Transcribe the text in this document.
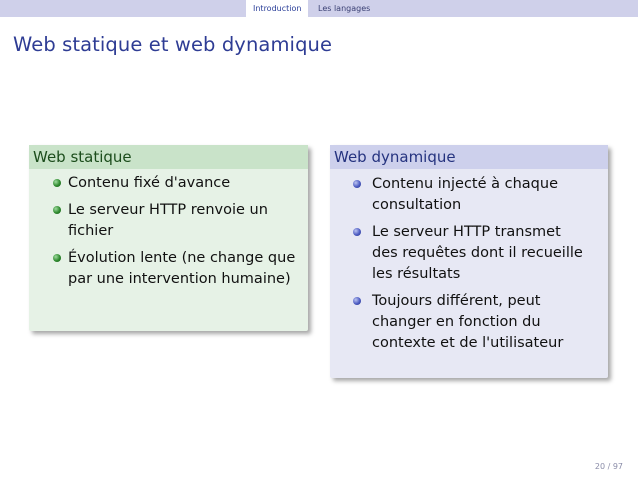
Introduction	Les langages
Web statique et web dynamique
Web statique
Contenu fixé d'avance
Le serveur HTTP renvoie un fichier
Évolution lente (ne change que par une intervention humaine)
Web dynamique
Contenu injecté à chaque consultation
Le serveur HTTP transmet des requêtes dont il recueille les résultats
Toujours différent, peut changer en fonction du contexte et de l'utilisateur
20 / 97
